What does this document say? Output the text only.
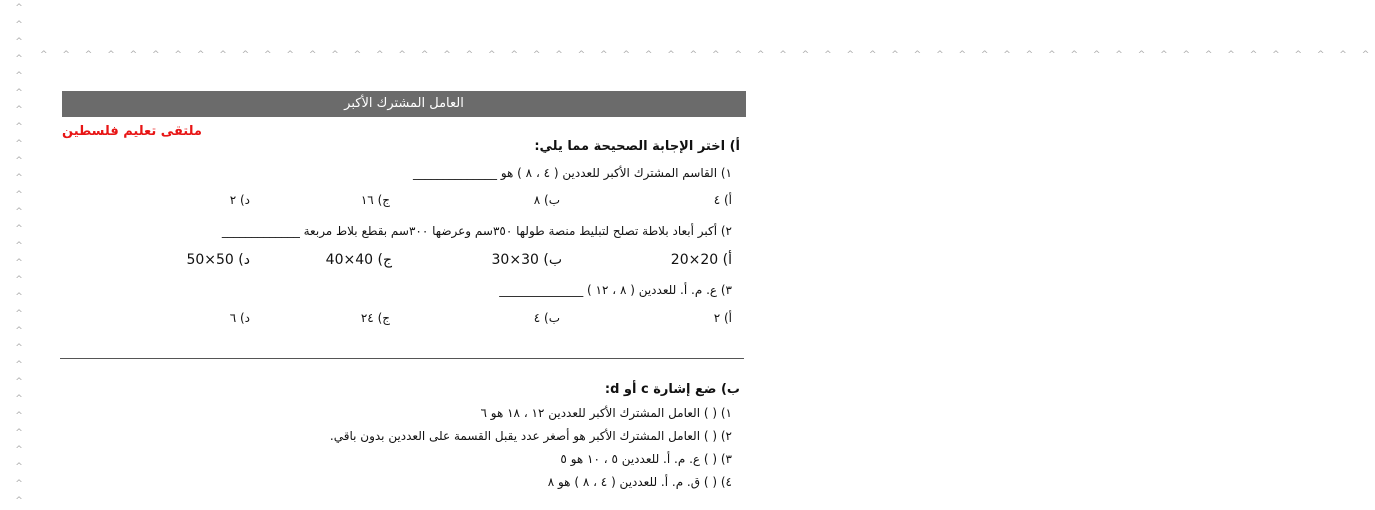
^
^
^
^
^
^
^
^
^
^
^
^
^
^
^
^
^
^
^
^
^
^
^
^
^
^
^
^
^
^
^ ^ ^ ^ ^ ^ ^ ^ ^ ^ ^ ^ ^ ^ ^ ^ ^ ^ ^ ^ ^ ^ ^ ^ ^ ^ ^ ^ ^ ^ ^ ^ ^ ^ ^ ^ ^ ^ ^ ^ ^ ^ ^ ^ ^ ^ ^ ^ ^ ^ ^ ^ ^ ^ ^ ^ ^ ^ ^ ^
العامل المشترك الأكبر
ملتقى تعليم فلسطين
أ) اختر الإجابة الصحيحة مما يلي:
١) القاسم المشترك الأكبر للعددين ( ٤ ، ٨ ) هو ______________
أ) ٤
ب) ٨
ج) ١٦
د) ٢
٢) أكبر أبعاد بلاطة تصلح لتبليط منصة طولها ٣٥٠سم وعرضها ٣٠٠سم بقطع بلاط مربعة _____________
أ) 20×20
ب) 30×30
ج) 40×40
د) 50×50
٣) ع. م. أ. للعددين ( ٨ ، ١٢ ) ______________
أ) ٢
ب) ٤
ج) ٢٤
د) ٦
ب) ضع إشارة c أو d:
١) ( ) العامل المشترك الأكبر للعددين ١٢ ، ١٨ هو ٦
٢) ( ) العامل المشترك الأكبر هو أصغر عدد يقبل القسمة على العددين بدون باقي.
٣) ( ) ع. م. أ. للعددين ٥ ، ١٠ هو ٥
٤) ( ) ق. م. أ. للعددين ( ٤ ، ٨ ) هو ٨
